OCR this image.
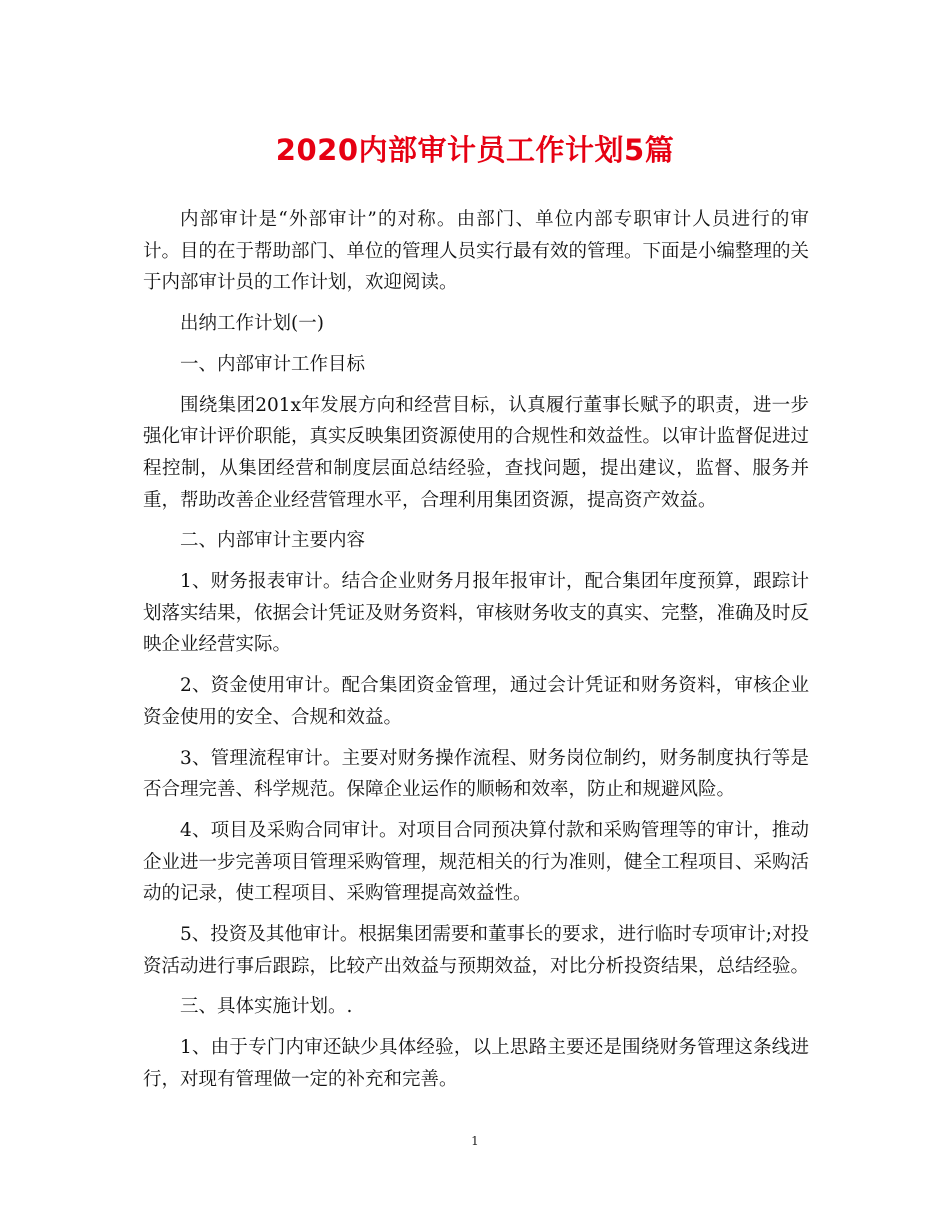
2020内部审计员工作计划5篇

内部审计是“外部审计”的对称。由部门、单位内部专职审计人员进行的审计。目的在于帮助部门、单位的管理人员实行最有效的管理。下面是小编整理的关于内部审计员的工作计划，欢迎阅读。

出纳工作计划(一)

一、内部审计工作目标

围绕集团201x年发展方向和经营目标，认真履行董事长赋予的职责，进一步强化审计评价职能，真实反映集团资源使用的合规性和效益性。以审计监督促进过程控制，从集团经营和制度层面总结经验，查找问题，提出建议，监督、服务并重，帮助改善企业经营管理水平，合理利用集团资源，提高资产效益。

二、内部审计主要内容

1、财务报表审计。结合企业财务月报年报审计，配合集团年度预算，跟踪计划落实结果，依据会计凭证及财务资料，审核财务收支的真实、完整，准确及时反映企业经营实际。

2、资金使用审计。配合集团资金管理，通过会计凭证和财务资料，审核企业资金使用的安全、合规和效益。

3、管理流程审计。主要对财务操作流程、财务岗位制约，财务制度执行等是否合理完善、科学规范。保障企业运作的顺畅和效率，防止和规避风险。

4、项目及采购合同审计。对项目合同预决算付款和采购管理等的审计，推动企业进一步完善项目管理采购管理，规范相关的行为准则，健全工程项目、采购活动的记录，使工程项目、采购管理提高效益性。

5、投资及其他审计。根据集团需要和董事长的要求，进行临时专项审计;对投资活动进行事后跟踪，比较产出效益与预期效益，对比分析投资结果，总结经验。

三、具体实施计划。.

1、由于专门内审还缺少具体经验，以上思路主要还是围绕财务管理这条线进行，对现有管理做一定的补充和完善。

1
